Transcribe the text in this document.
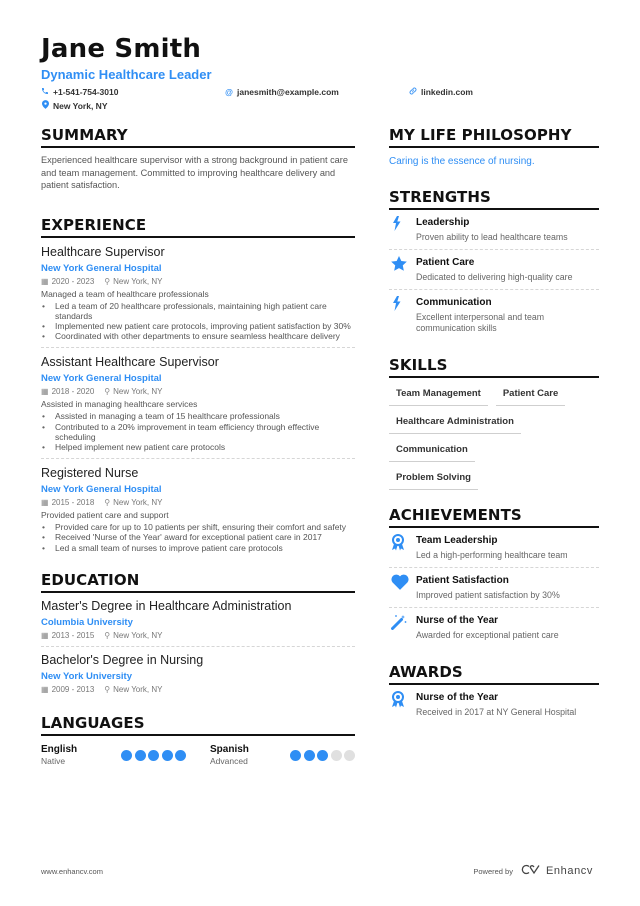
Jane Smith
Dynamic Healthcare Leader
+1-541-754-3010	@ janesmith@example.com	linkedin.com
New York, NY
SUMMARY
Experienced healthcare supervisor with a strong background in patient care and team management. Committed to improving healthcare delivery and patient satisfaction.
EXPERIENCE
Healthcare Supervisor
New York General Hospital
▦ 2020 - 2023 ⚲ New York, NY
Managed a team of healthcare professionals
• Led a team of 20 healthcare professionals, maintaining high patient care standards
• Implemented new patient care protocols, improving patient satisfaction by 30%
• Coordinated with other departments to ensure seamless healthcare delivery
Assistant Healthcare Supervisor
New York General Hospital
▦ 2018 - 2020 ⚲ New York, NY
Assisted in managing healthcare services
• Assisted in managing a team of 15 healthcare professionals
• Contributed to a 20% improvement in team efficiency through effective scheduling
• Helped implement new patient care protocols
Registered Nurse
New York General Hospital
▦ 2015 - 2018 ⚲ New York, NY
Provided patient care and support
• Provided care for up to 10 patients per shift, ensuring their comfort and safety
• Received 'Nurse of the Year' award for exceptional patient care in 2017
• Led a small team of nurses to improve patient care protocols
EDUCATION
Master's Degree in Healthcare Administration
Columbia University
▦ 2013 - 2015 ⚲ New York, NY
Bachelor's Degree in Nursing
New York University
▦ 2009 - 2013 ⚲ New York, NY
LANGUAGES
English
Native
Spanish
Advanced
MY LIFE PHILOSOPHY
Caring is the essence of nursing.
STRENGTHS
Leadership
Proven ability to lead healthcare teams
Patient Care
Dedicated to delivering high-quality care
Communication
Excellent interpersonal and team communication skills
SKILLS
Team Management	Patient Care
Healthcare Administration
Communication
Problem Solving
ACHIEVEMENTS
Team Leadership
Led a high-performing healthcare team
Patient Satisfaction
Improved patient satisfaction by 30%
Nurse of the Year
Awarded for exceptional patient care
AWARDS
Nurse of the Year
Received in 2017 at NY General Hospital
www.enhancv.com	Powered by	Enhancv
